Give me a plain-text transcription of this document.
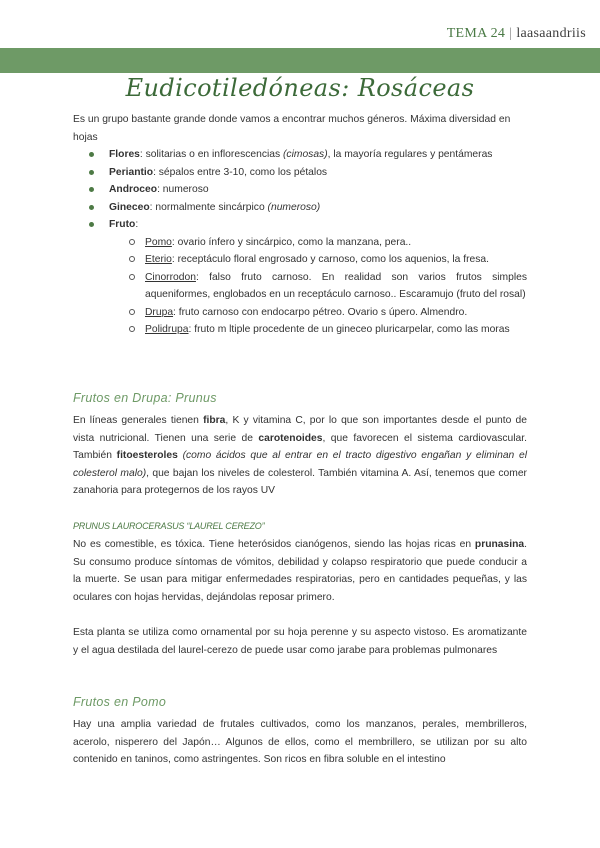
TEMA 24 | laasaandriis
Eudicotiledóneas: Rosáceas

Es un grupo bastante grande donde vamos a encontrar muchos géneros. Máxima diversidad en hojas

Flores: solitarias o en inflorescencias (cimosas), la mayoría regulares y pentámeras
Periantio: sépalos entre 3-10, como los pétalos
Androceo: numeroso
Gineceo: normalmente sincárpico (numeroso)
Fruto:
Pomo: ovario ínfero y sincárpico, como la manzana, pera..
Eterio: receptáculo floral engrosado y carnoso, como los aquenios, la fresa.
Cinorrodon: falso fruto carnoso. En realidad son varios frutos simples aqueniformes, englobados en un receptáculo carnoso.. Escaramujo (fruto del rosal)
Drupa: fruto carnoso con endocarpo pétreo. Ovario s úpero. Almendro.
Polidrupa: fruto m ltiple procedente de un gineceo pluricarpelar, como las moras
Frutos en Drupa: Prunus

En líneas generales tienen fibra, K y vitamina C, por lo que son importantes desde el punto de vista nutricional. Tienen una serie de carotenoides, que favorecen el sistema cardiovascular. También fitoesteroles (como ácidos que al entrar en el tracto digestivo engañan y eliminan el colesterol malo), que bajan los niveles de colesterol. También vitamina A. Así, tenemos que comer zanahoria para protegernos de los rayos UV

PRUNUS LAUROCERASUS “LAUREL CEREZO”

No es comestible, es tóxica. Tiene heterósidos cianógenos, siendo las hojas ricas en prunasina. Su consumo produce síntomas de vómitos, debilidad y colapso respiratorio que puede conducir a la muerte. Se usan para mitigar enfermedades respiratorias, pero en cantidades pequeñas, y las oculares con hojas hervidas, dejándolas reposar primero.

Esta planta se utiliza como ornamental por su hoja perenne y su aspecto vistoso. Es aromatizante y el agua destilada del laurel-cerezo de puede usar como jarabe para problemas pulmonares

Frutos en Pomo

Hay una amplia variedad de frutales cultivados, como los manzanos, perales, membrilleros, acerolo, nisperero del Japón… Algunos de ellos, como el membrillero, se utilizan por su alto contenido en taninos, como astringentes. Son ricos en fibra soluble en el intestino
